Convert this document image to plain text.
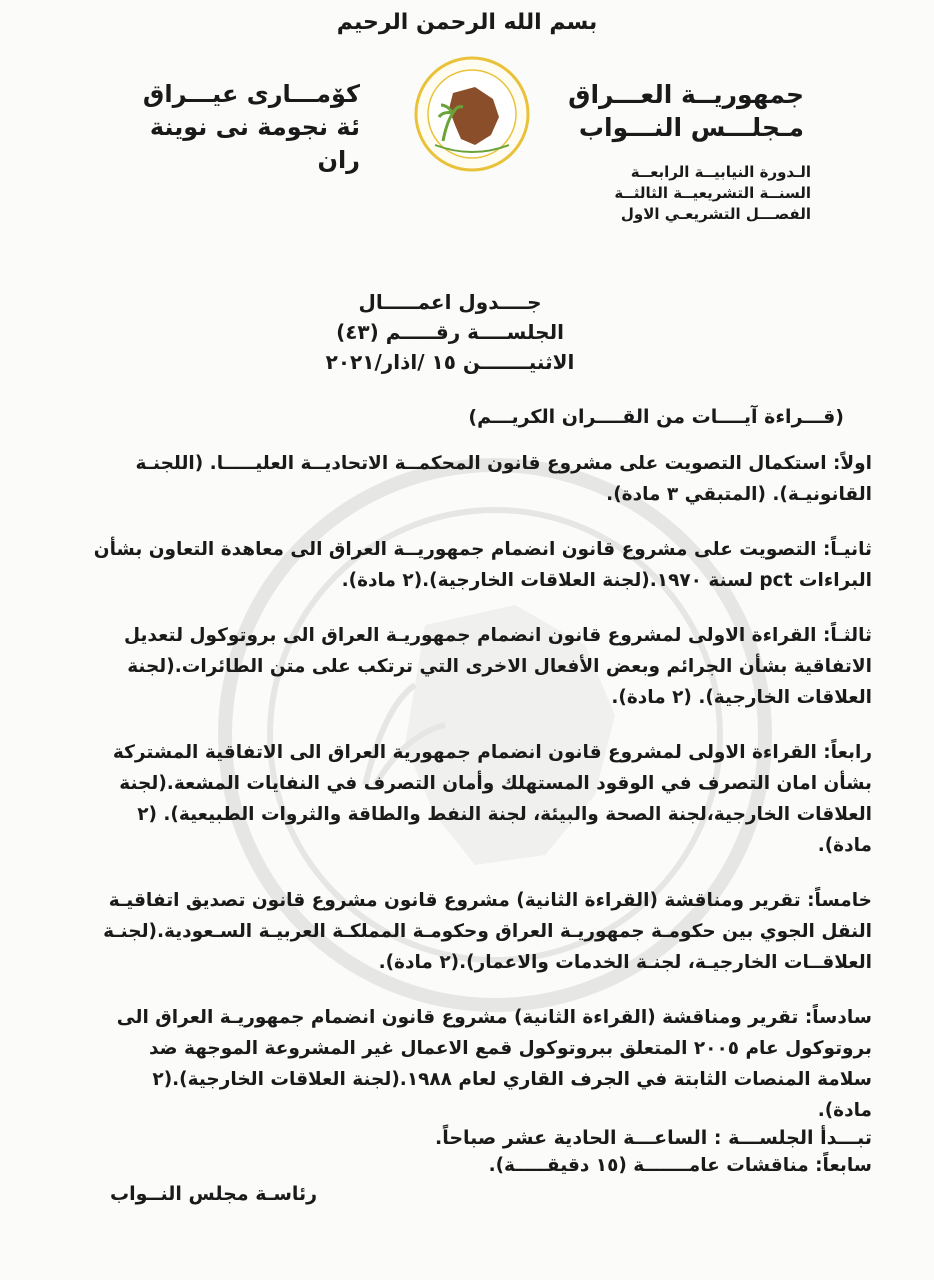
بسم الله الرحمن الرحيم
جمهوريــة العـــراق
مـجلـــس النـــواب
كۆمـــارى عيـــراق
ئة نجومة نى نوينة ران	الـدورة النيابيــة الرابعــة
السنــة التشريعيــة الثالثــة
الفصـــل التشريعـي الاول
جــــدول اعمـــــال
الجلســــة رقـــــم (٤٣)
الاثنيـــــــن ١٥ /اذار/٢٠٢١
(قـــراءة آيــــات من القــــران الكريـــم)
اولاً: استكمال التصويت على مشروع قانون المحكمــة الاتحاديــة العليـــــا. (اللجنـة القانونيـة). (المتبقي ٣ مادة).
ثانيـاً: التصويت على مشروع قانون انضمام جمهوريــة العراق الى معاهدة التعاون بشأن البراءات pct لسنة ١٩٧٠.(لجنة العلاقات الخارجية).(٢ مادة).
ثالثـاً: القراءة الاولى لمشروع قانون انضمام جمهوريـة العراق الى بروتوكول لتعديل الاتفاقية بشأن الجرائم وبعض الأفعال الاخرى التي ترتكب على متن الطائرات.(لجنة العلاقات الخارجية). (٢ مادة).
رابعاً: القراءة الاولى لمشروع قانون انضمام جمهورية العراق الى الاتفاقية المشتركة بشأن امان التصرف في الوقود المستهلك وأمان التصرف في النفايات المشعة.(لجنة العلاقات الخارجية،لجنة الصحة والبيئة، لجنة النفط والطاقة والثروات الطبيعية). (٢ مادة).
خامساً: تقرير ومناقشة (القراءة الثانية) مشروع قانون مشروع قانون تصديق اتفاقيـة النقل الجوي بين حكومـة جمهوريـة العراق وحكومـة المملكـة العربيـة السـعودية.(لجنـة العلاقــات الخارجيـة، لجنـة الخدمات والاعمار).(٢ مادة).
سادساً: تقرير ومناقشة (القراءة الثانية) مشروع قانون انضمام جمهوريـة العراق الى بروتوكول عام ٢٠٠٥ المتعلق ببروتوكول قمع الاعمال غير المشروعة الموجهة ضد سلامة المنصات الثابتة في الجرف القاري لعام ١٩٨٨.(لجنة العلاقات الخارجية).(٢ مادة).
سابعاً: مناقشات عامـــــــة (١٥ دقيقـــــة).
تبـــدأ الجلســـة : الساعـــة الحادية عشر صباحاً.
رئاسـة مجلس النــواب
